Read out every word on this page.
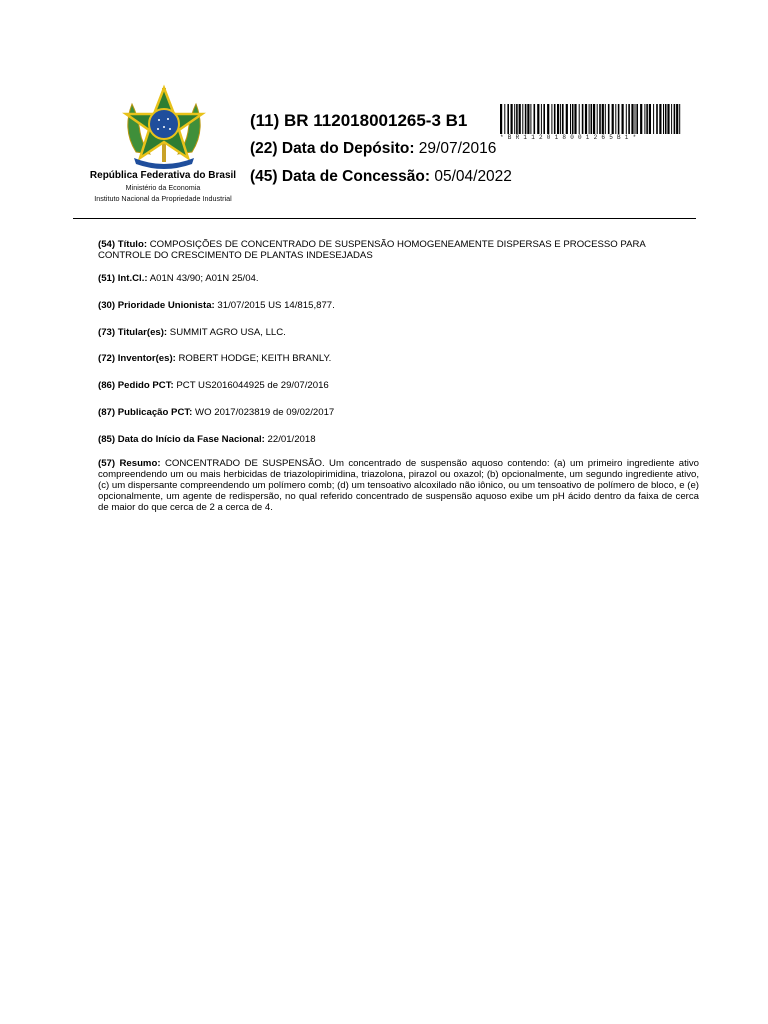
República Federativa do Brasil
Ministério da Economia
Instituto Nacional da Propriedade Industrial
(11) BR 112018001265-3 B1
(22) Data do Depósito: 29/07/2016
(45) Data de Concessão: 05/04/2022
*BR112018001265B1*
(54) Título: COMPOSIÇÕES DE CONCENTRADO DE SUSPENSÃO HOMOGENEAMENTE DISPERSAS E PROCESSO PARA CONTROLE DO CRESCIMENTO DE PLANTAS INDESEJADAS
(51) Int.Cl.: A01N 43/90; A01N 25/04.
(30) Prioridade Unionista: 31/07/2015 US 14/815,877.
(73) Titular(es): SUMMIT AGRO USA, LLC.
(72) Inventor(es): ROBERT HODGE; KEITH BRANLY.
(86) Pedido PCT: PCT US2016044925 de 29/07/2016
(87) Publicação PCT: WO 2017/023819 de 09/02/2017
(85) Data do Início da Fase Nacional: 22/01/2018
(57) Resumo: CONCENTRADO DE SUSPENSÃO. Um concentrado de suspensão aquoso contendo: (a) um primeiro ingrediente ativo compreendendo um ou mais herbicidas de triazolopirimidina, triazolona, pirazol ou oxazol; (b) opcionalmente, um segundo ingrediente ativo, (c) um dispersante compreendendo um polímero comb; (d) um tensoativo alcoxilado não iônico, ou um tensoativo de polímero de bloco, e (e) opcionalmente, um agente de redispersão, no qual referido concentrado de suspensão aquoso exibe um pH ácido dentro da faixa de cerca de maior do que cerca de 2 a cerca de 4.
